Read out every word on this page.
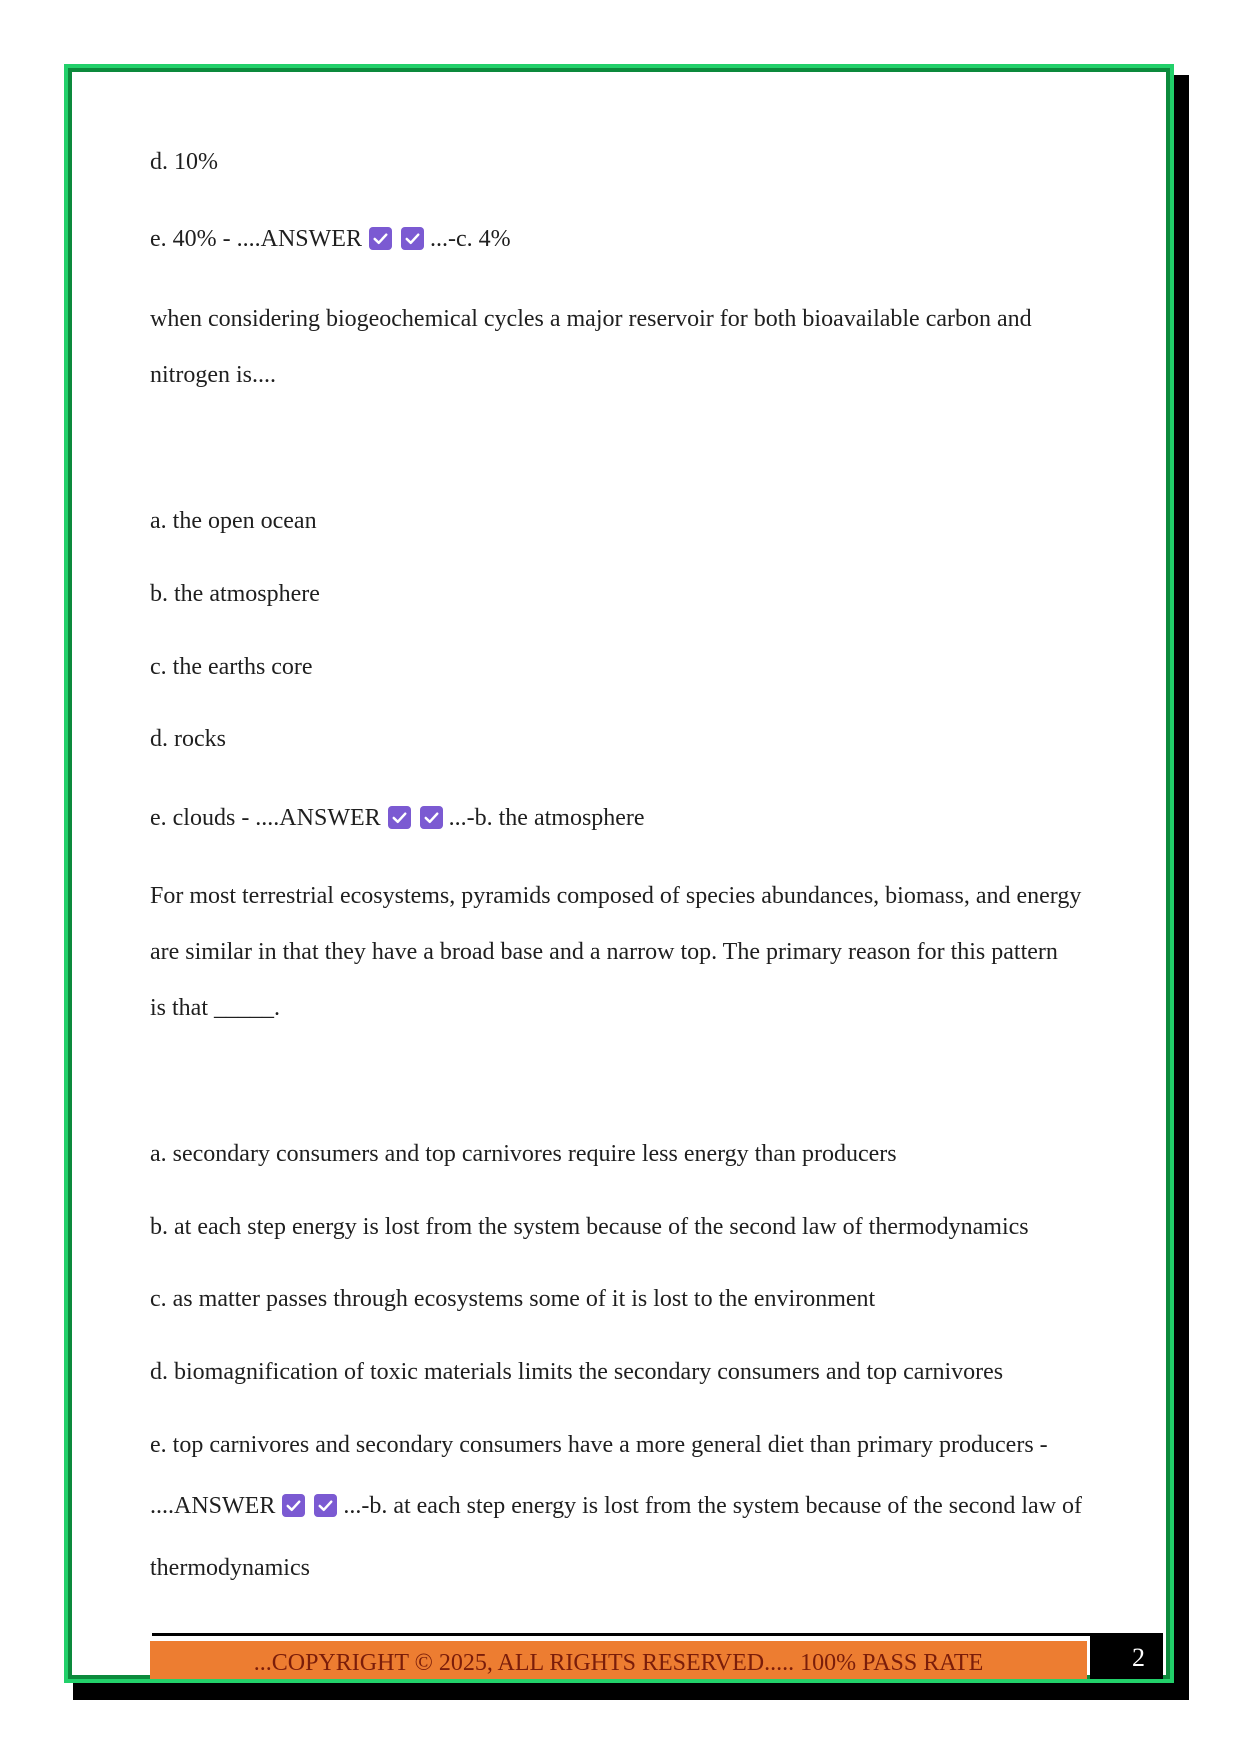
d. 10%
e. 40% - ....ANSWER	...-c. 4%
when considering biogeochemical cycles a major reservoir for both bioavailable carbon and
nitrogen is....
a. the open ocean
b. the atmosphere
c. the earths core
d. rocks
e. clouds - ....ANSWER	...-b. the atmosphere
For most terrestrial ecosystems, pyramids composed of species abundances, biomass, and energy
are similar in that they have a broad base and a narrow top. The primary reason for this pattern
is that _____.
a. secondary consumers and top carnivores require less energy than producers
b. at each step energy is lost from the system because of the second law of thermodynamics
c. as matter passes through ecosystems some of it is lost to the environment
d. biomagnification of toxic materials limits the secondary consumers and top carnivores
e. top carnivores and secondary consumers have a more general diet than primary producers -
....ANSWER	...-b. at each step energy is lost from the system because of the second law of
thermodynamics
...COPYRIGHT © 2025, ALL RIGHTS RESERVED..... 100% PASS RATE	2
